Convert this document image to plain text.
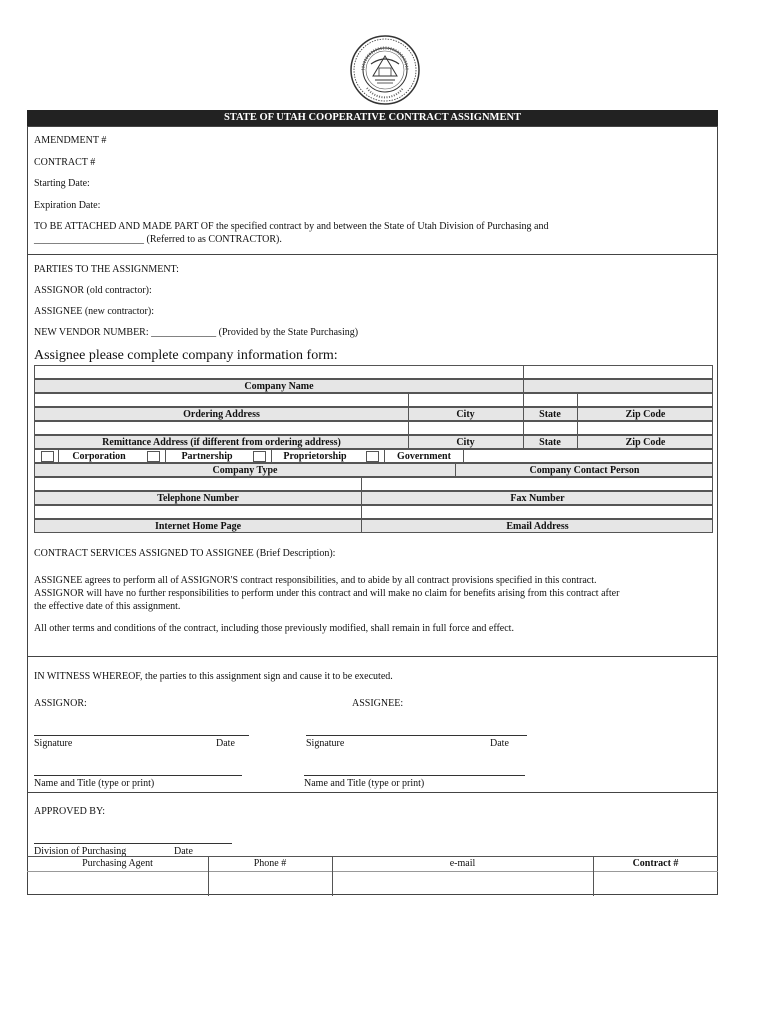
STATE OF UTAH COOPERATIVE CONTRACT ASSIGNMENT
AMENDMENT #
CONTRACT #
Starting Date:
Expiration Date:
TO BE ATTACHED AND MADE PART OF the specified contract by and between the State of Utah Division of Purchasing and
______________________ (Referred to as CONTRACTOR).
PARTIES TO THE ASSIGNMENT:
ASSIGNOR (old contractor):
ASSIGNEE (new contractor):
NEW VENDOR NUMBER: _____________ (Provided by the State Purchasing)
Assignee please complete company information form:
Company Name
Ordering Address	City	State	Zip Code
Remittance Address (if different from ordering address)	City	State	Zip Code
Corporation	Partnership	Proprietorship	Government
Company Type	Company Contact Person
Telephone Number	Fax Number
Internet Home Page	Email Address
CONTRACT SERVICES ASSIGNED TO ASSIGNEE (Brief Description):
ASSIGNEE agrees to perform all of ASSIGNOR'S contract responsibilities, and to abide by all contract provisions specified in this contract.
ASSIGNOR will have no further responsibilities to perform under this contract and will make no claim for benefits arising from this contract after
the effective date of this assignment.
All other terms and conditions of the contract, including those previously modified, shall remain in full force and effect.
IN WITNESS WHEREOF, the parties to this assignment sign and cause it to be executed.
ASSIGNOR:	ASSIGNEE:
Signature	Date	Signature	Date
Name and Title (type or print)	Name and Title (type or print)
APPROVED BY:
Division of Purchasing	Date
Purchasing Agent	Phone #	e-mail	Contract #
